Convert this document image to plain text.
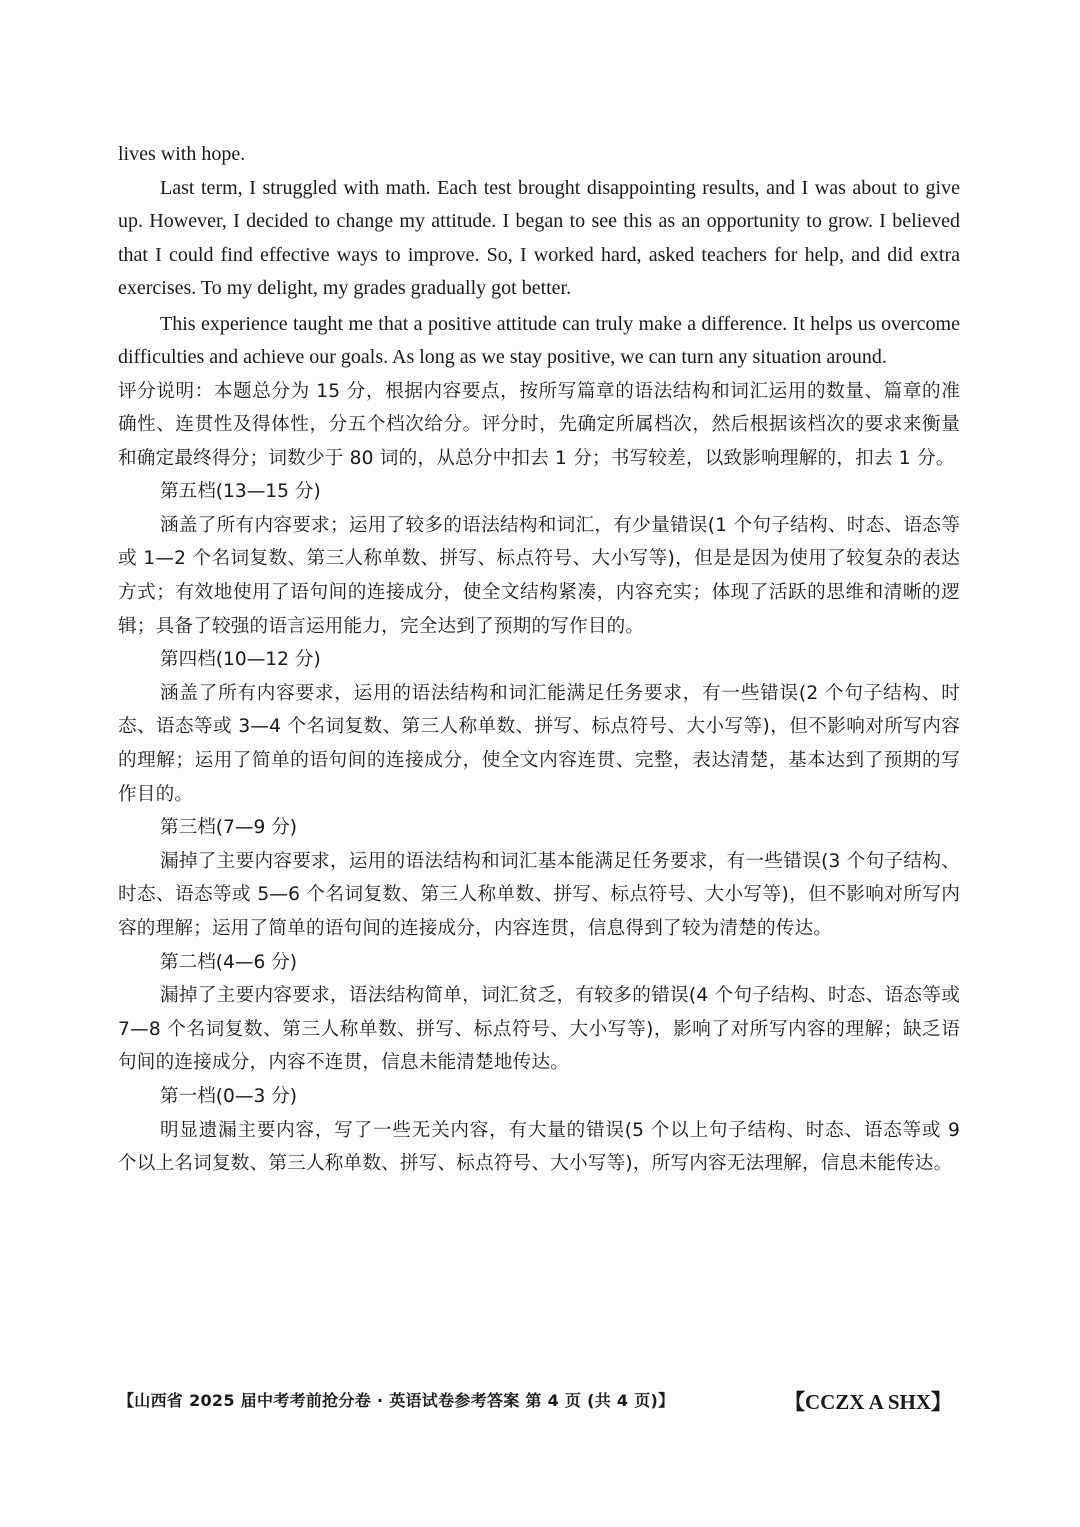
lives with hope.

Last term, I struggled with math. Each test brought disappointing results, and I was about to give up. However, I decided to change my attitude. I began to see this as an opportunity to grow. I believed that I could find effective ways to improve. So, I worked hard, asked teachers for help, and did extra exercises. To my delight, my grades gradually got better.

This experience taught me that a positive attitude can truly make a difference. It helps us overcome difficulties and achieve our goals. As long as we stay positive, we can turn any situation around.

评分说明：本题总分为 15 分，根据内容要点，按所写篇章的语法结构和词汇运用的数量、篇章的准确性、连贯性及得体性，分五个档次给分。评分时，先确定所属档次，然后根据该档次的要求来衡量和确定最终得分；词数少于 80 词的，从总分中扣去 1 分；书写较差，以致影响理解的，扣去 1 分。

第五档(13—15 分)

涵盖了所有内容要求；运用了较多的语法结构和词汇，有少量错误(1 个句子结构、时态、语态等或 1—2 个名词复数、第三人称单数、拼写、标点符号、大小写等)，但是是因为使用了较复杂的表达方式；有效地使用了语句间的连接成分，使全文结构紧凑，内容充实；体现了活跃的思维和清晰的逻辑；具备了较强的语言运用能力，完全达到了预期的写作目的。

第四档(10—12 分)

涵盖了所有内容要求，运用的语法结构和词汇能满足任务要求，有一些错误(2 个句子结构、时态、语态等或 3—4 个名词复数、第三人称单数、拼写、标点符号、大小写等)，但不影响对所写内容的理解；运用了简单的语句间的连接成分，使全文内容连贯、完整，表达清楚，基本达到了预期的写作目的。

第三档(7—9 分)

漏掉了主要内容要求，运用的语法结构和词汇基本能满足任务要求，有一些错误(3 个句子结构、时态、语态等或 5—6 个名词复数、第三人称单数、拼写、标点符号、大小写等)，但不影响对所写内容的理解；运用了简单的语句间的连接成分，内容连贯，信息得到了较为清楚的传达。

第二档(4—6 分)

漏掉了主要内容要求，语法结构简单，词汇贫乏，有较多的错误(4 个句子结构、时态、语态等或 7—8 个名词复数、第三人称单数、拼写、标点符号、大小写等)，影响了对所写内容的理解；缺乏语句间的连接成分，内容不连贯，信息未能清楚地传达。

第一档(0—3 分)

明显遗漏主要内容，写了一些无关内容，有大量的错误(5 个以上句子结构、时态、语态等或 9 个以上名词复数、第三人称单数、拼写、标点符号、大小写等)，所写内容无法理解，信息未能传达。

【山西省 2025 届中考考前抢分卷 · 英语试卷参考答案 第 4 页 (共 4 页)】	【CCZX A SHX】
